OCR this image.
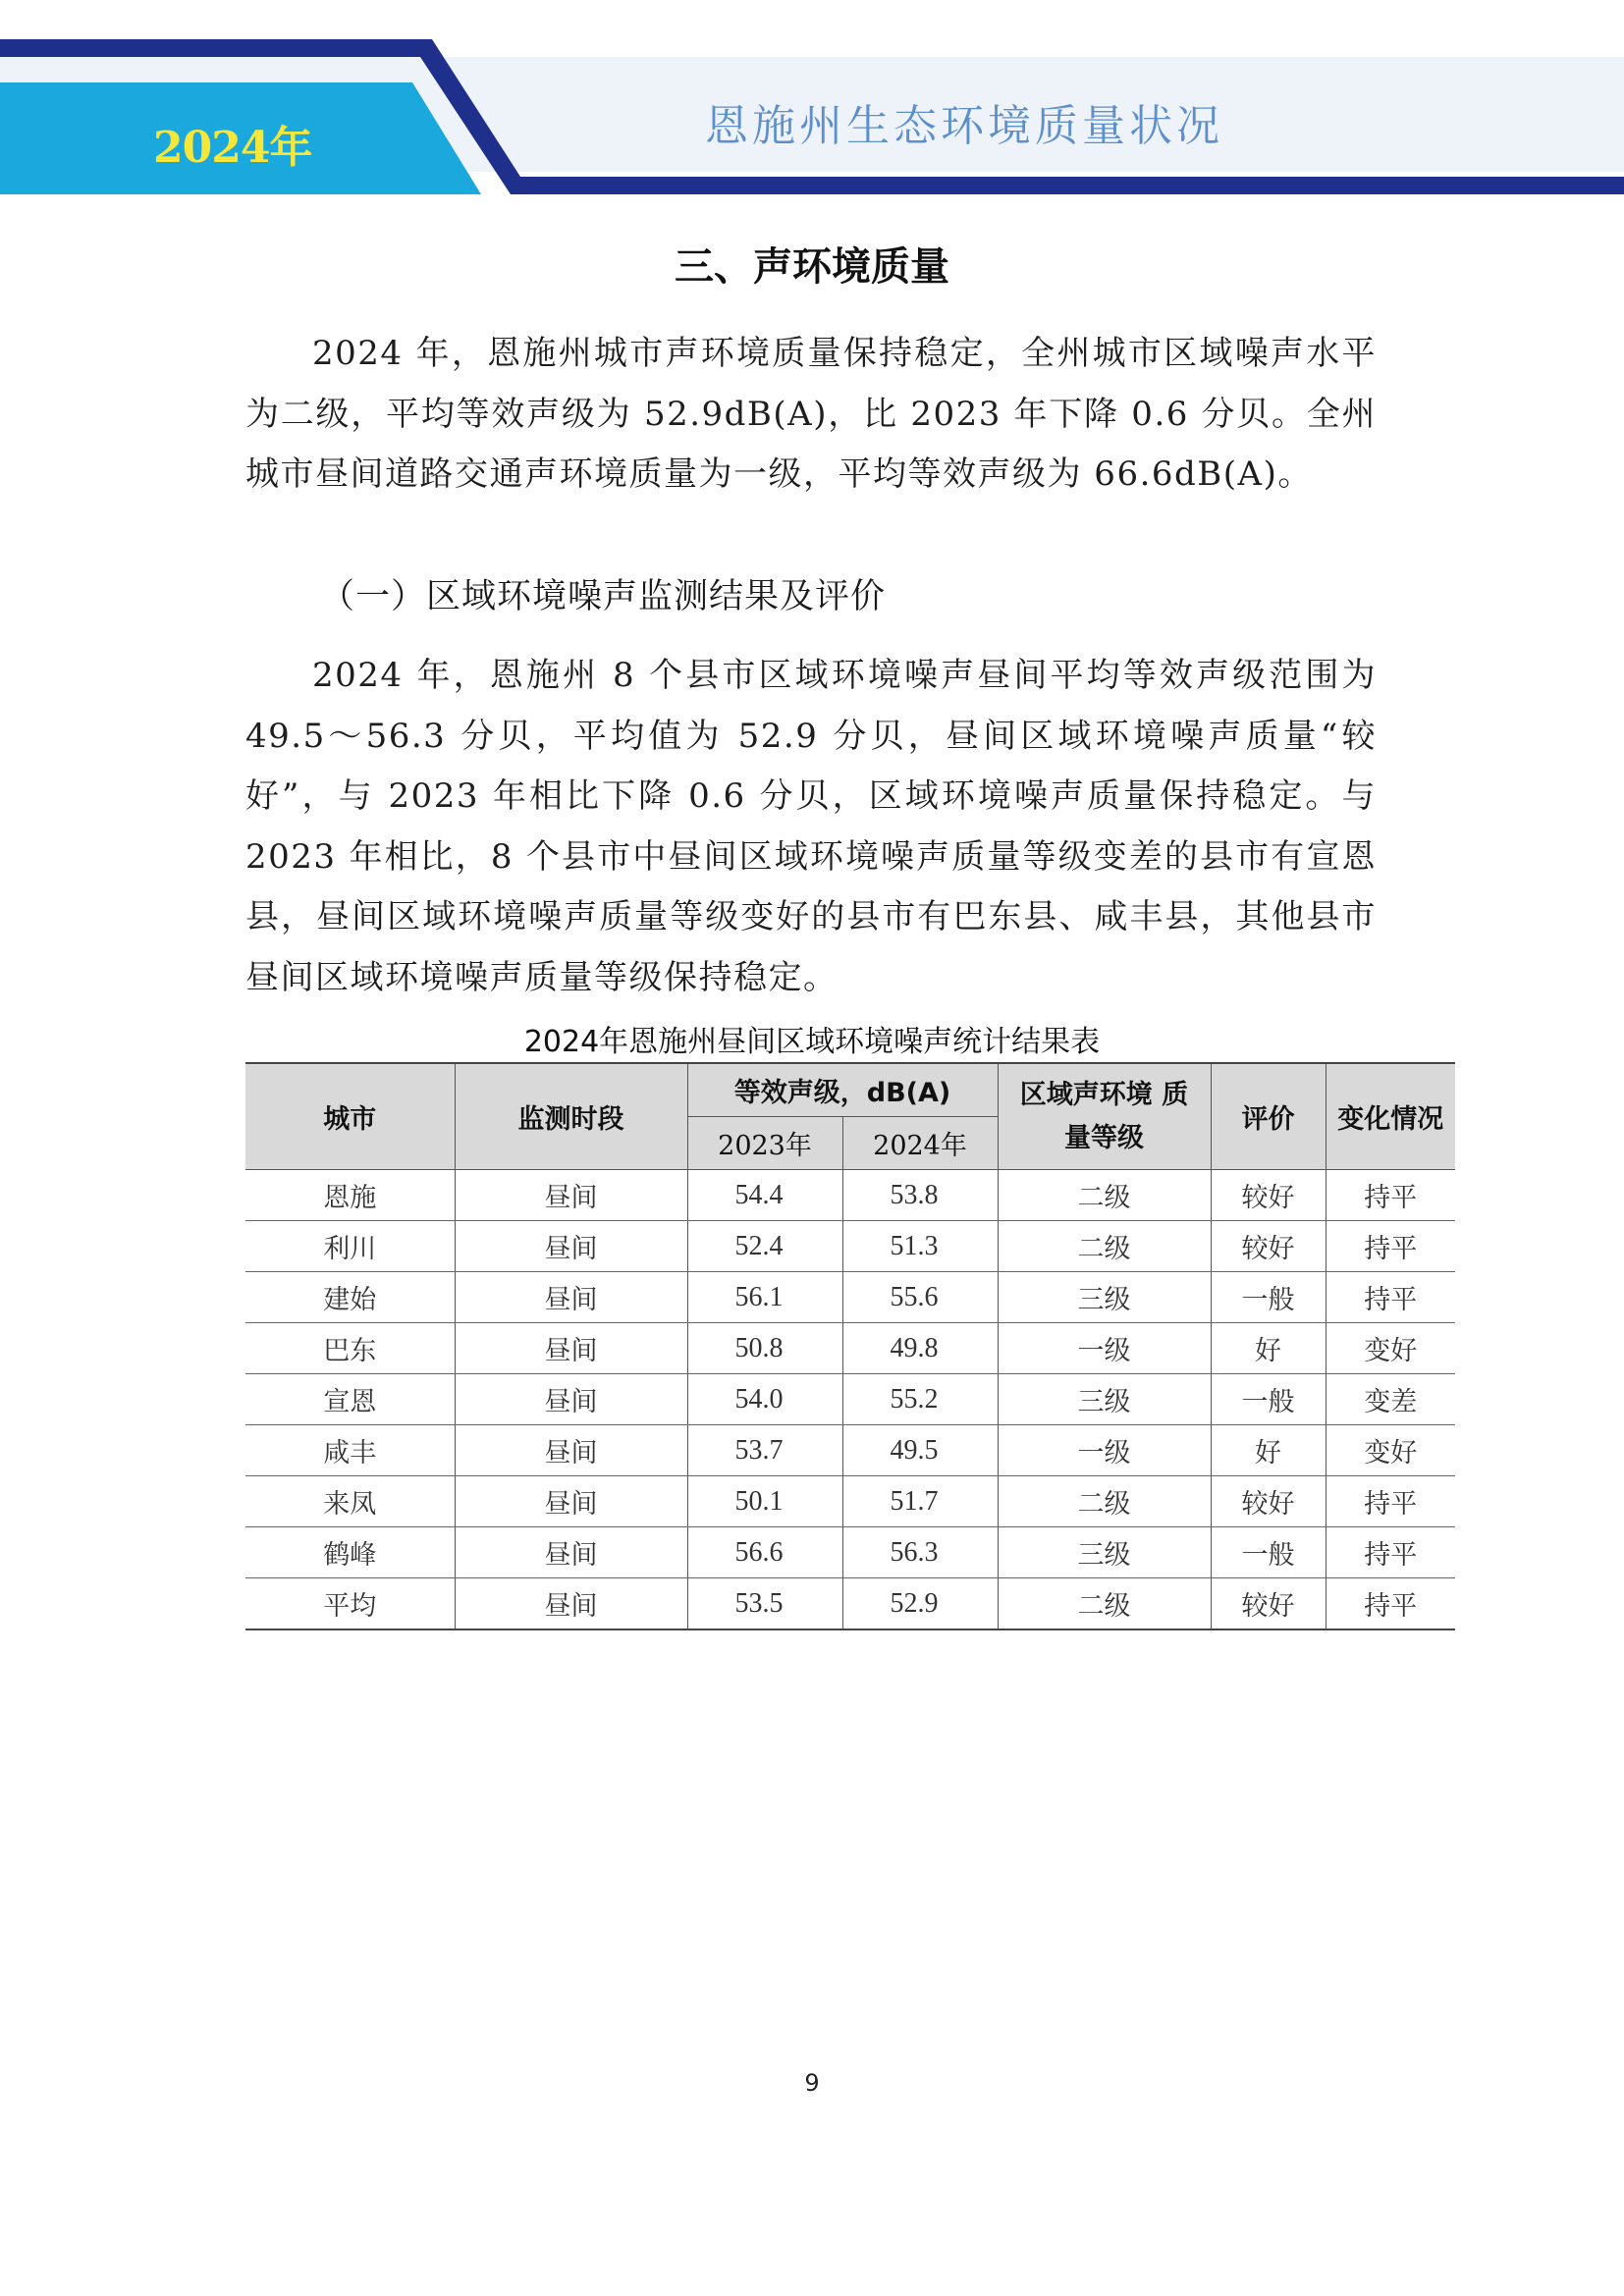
2024年	恩施州生态环境质量状况
三、声环境质量

2024 年，恩施州城市声环境质量保持稳定，全州城市区域噪声水平为二级，平均等效声级为 52.9dB(A)，比 2023 年下降 0.6 分贝。全州城市昼间道路交通声环境质量为一级，平均等效声级为 66.6dB(A)。

（一）区域环境噪声监测结果及评价

2024 年，恩施州 8 个县市区域环境噪声昼间平均等效声级范围为 49.5～56.3 分贝，平均值为 52.9 分贝，昼间区域环境噪声质量“较好”，与 2023 年相比下降 0.6 分贝，区域环境噪声质量保持稳定。与 2023 年相比，8 个县市中昼间区域环境噪声质量等级变差的县市有宣恩县，昼间区域环境噪声质量等级变好的县市有巴东县、咸丰县，其他县市昼间区域环境噪声质量等级保持稳定。

2024年恩施州昼间区域环境噪声统计结果表
城市	监测时段	等效声级，dB(A)		区域声环境 质量等级	评价	变化情况
		2023年	2024年			
恩施	昼间	54.4	53.8	二级	较好	持平
利川	昼间	52.4	51.3	二级	较好	持平
建始	昼间	56.1	55.6	三级	一般	持平
巴东	昼间	50.8	49.8	一级	好	变好
宣恩	昼间	54.0	55.2	三级	一般	变差
咸丰	昼间	53.7	49.5	一级	好	变好
来凤	昼间	50.1	51.7	二级	较好	持平
鹤峰	昼间	56.6	56.3	三级	一般	持平
平均	昼间	53.5	52.9	二级	较好	持平
9
